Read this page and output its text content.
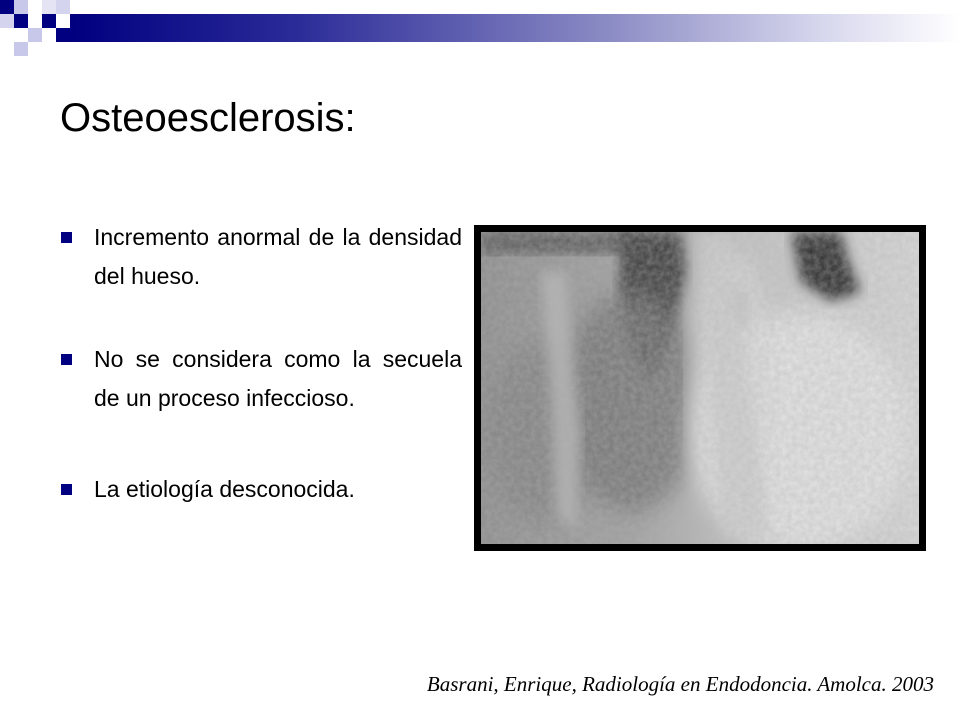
Osteoesclerosis:
Incremento anormal de la densidad del hueso.
No se considera como la secuela de un proceso infeccioso.
La etiología desconocida.
Basrani, Enrique, Radiología en Endodoncia. Amolca. 2003
